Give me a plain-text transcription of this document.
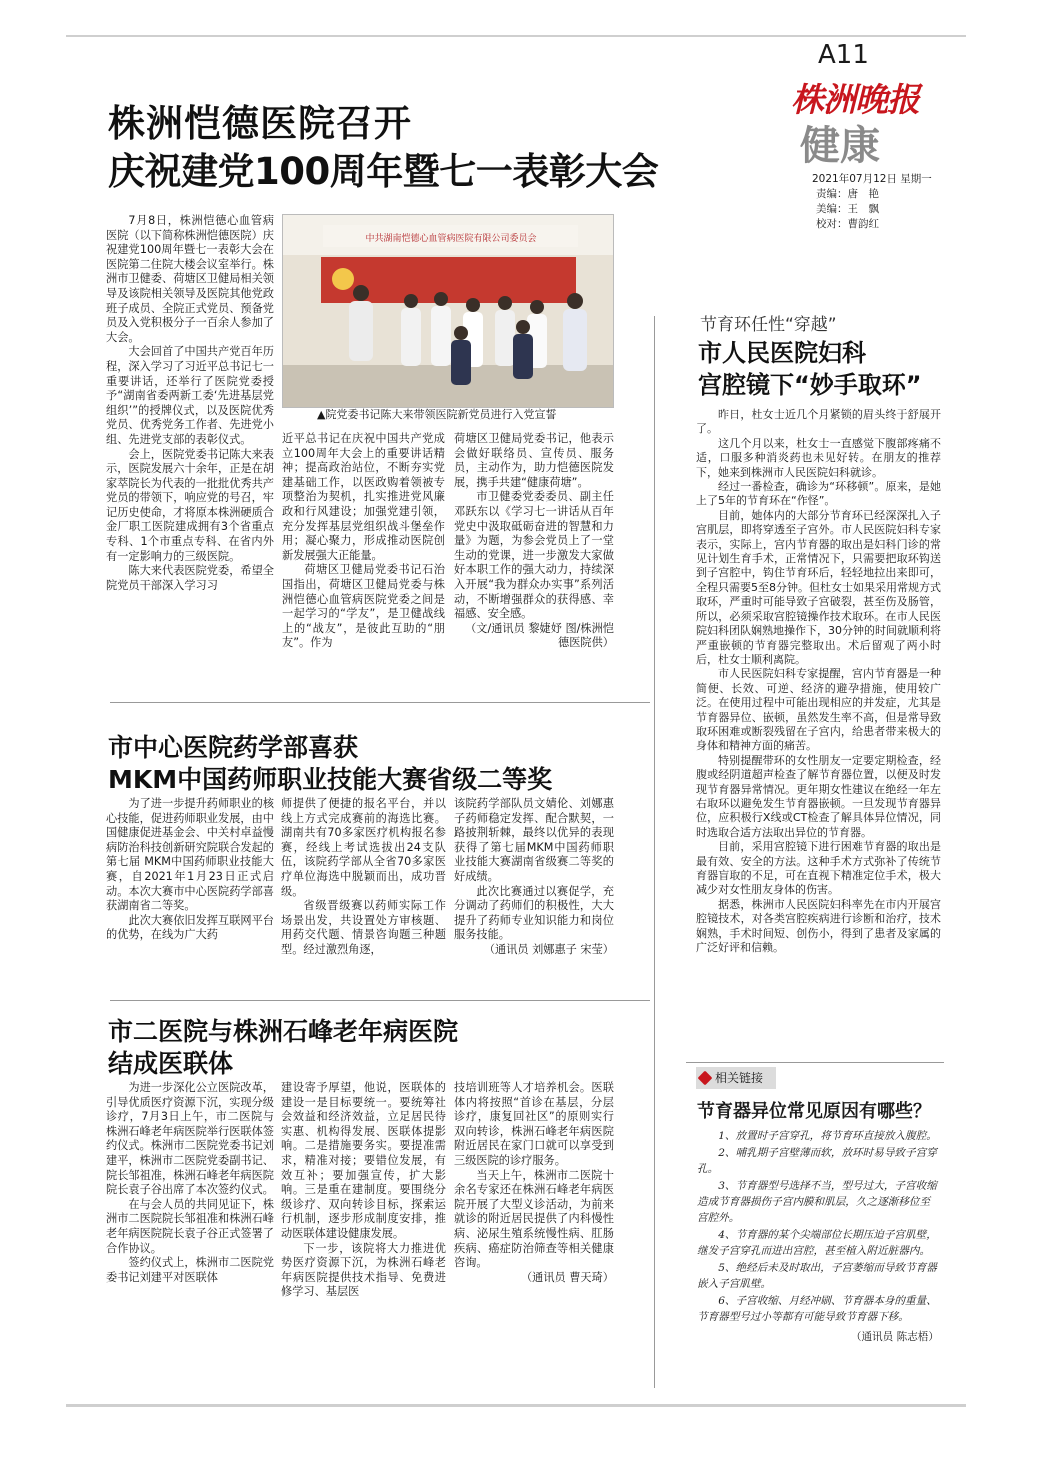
A11
株洲晚报
健康
2021年07月12日 星期一
责编：唐　艳
美编：王　飘
校对：曹韵红
株洲恺德医院召开
庆祝建党100周年暨七一表彰大会

7月8日，株洲恺德心血管病医院（以下简称株洲恺德医院）庆祝建党100周年暨七一表彰大会在医院第二住院大楼会议室举行。株洲市卫健委、荷塘区卫健局相关领导及该院相关领导及医院其他党政班子成员、全院正式党员、预备党员及入党积极分子一百余人参加了大会。

大会回首了中国共产党百年历程，深入学习了习近平总书记七一重要讲话，还举行了医院党委授予“湖南省委两新工委‘先进基层党组织’”的授牌仪式，以及医院优秀党员、优秀党务工作者、先进党小组、先进党支部的表彰仪式。

会上，医院党委书记陈大来表示，医院发展六十余年，正是在胡家萃院长为代表的一批批优秀共产党员的带领下，响应党的号召，牢记历史使命，才将原本株洲硬质合金厂职工医院建成拥有3个省重点专科、1个市重点专科、在省内外有一定影响力的三级医院。

陈大来代表医院党委，希望全院党员干部深入学习习

中共湖南恺德心血管病医院有限公司委员会
▲院党委书记陈大来带领医院新党员进行入党宣誓

近平总书记在庆祝中国共产党成立100周年大会上的重要讲话精神；提高政治站位，不断夯实党建基础工作，以医政购着领被专项整治为契机，扎实推进党风廉政和行风建设；加强党建引领，充分发挥基层党组织战斗堡垒作用；凝心聚力，形成推动医院创新发展强大正能量。

荷塘区卫健局党委书记石治国指出，荷塘区卫健局党委与株洲恺德心血管病医院党委之间是一起学习的“学友”，是卫健战线上的“战友”，是彼此互助的“朋友”。作为

荷塘区卫健局党委书记，他表示会做好联络员、宣传员、服务员，主动作为，助力恺德医院发展，携手共建“健康荷塘”。

市卫健委党委委员、副主任邓跃东以《学习七一讲话从百年党史中汲取砥砺奋进的智慧和力量》为题，为参会党员上了一堂生动的党课，进一步激发大家做好本职工作的强大动力，持续深入开展“我为群众办实事”系列活动，不断增强群众的获得感、幸福感、安全感。

（文/通讯员 黎婕妤 图/株洲恺德医院供）

市中心医院药学部喜获
MKM中国药师职业技能大赛省级二等奖

为了进一步提升药师职业的核心技能，促进药师职业发展，由中国健康促进基金会、中关村卓益慢病防治科技创新研究院联合发起的第七届 MKM中国药师职业技能大赛，自2021年1月23日正式启动。本次大赛市中心医院药学部喜获湖南省二等奖。

此次大赛依旧发挥互联网平台的优势，在线为广大药

师提供了便捷的报名平台，并以线上方式完成赛前的海选比赛。湖南共有70多家医疗机构报名参赛，经线上考试选拔出24支队伍，该院药学部从全省70多家医疗单位海选中脱颖而出，成功晋级。

省级晋级赛以药师实际工作场景出发，共设置处方审核题、用药交代题、情景咨询题三种题型。经过激烈角逐，

该院药学部队员文婧伦、刘娜惠子药师稳定发挥、配合默契，一路披荆斩棘，最终以优异的表现获得了第七届MKM中国药师职业技能大赛湖南省级赛二等奖的好成绩。

此次比赛通过以赛促学，充分调动了药师们的积极性，大大提升了药师专业知识能力和岗位服务技能。

（通讯员 刘娜惠子 宋莹）

市二医院与株洲石峰老年病医院
结成医联体

为进一步深化公立医院改革，引导优质医疗资源下沉，实现分级诊疗，7月3日上午，市二医院与株洲石峰老年病医院举行医联体签约仪式。株洲市二医院党委书记刘建平，株洲市二医院党委副书记、院长邹祖准，株洲石峰老年病医院院长袁子谷出席了本次签约仪式。

在与会人员的共同见证下，株洲市二医院院长邹祖准和株洲石峰老年病医院院长袁子谷正式签署了合作协议。

签约仪式上，株洲市二医院党委书记刘建平对医联体

建设寄予厚望，他说，医联体的建设一是目标要统一。要统筹社会效益和经济效益，立足居民待实惠、机构得发展、医联体提影响。二是措施要务实。要提准需求，精准对接；要错位发展，有效互补；要加强宣传，扩大影响。三是重在建制度。要围绕分级诊疗、双向转诊目标，探索运行机制，逐步形成制度安排，推动医联体建设健康发展。

下一步，该院将大力推进优势医疗资源下沉，为株洲石峰老年病医院提供技术指导、免费进修学习、基层医

技培训班等人才培养机会。医联体内将按照“首诊在基层，分层诊疗，康复回社区”的原则实行双向转诊，株洲石峰老年病医院附近居民在家门口就可以享受到三级医院的诊疗服务。

当天上午，株洲市二医院十余名专家还在株洲石峰老年病医院开展了大型义诊活动，为前来就诊的附近居民提供了内科慢性病、泌尿生殖系统慢性病、肛肠疾病、癌症防治筛查等相关健康咨询。

（通讯员 曹天琦）

节育环任性“穿越”
市人民医院妇科
宫腔镜下“妙手取环”

昨日，杜女士近几个月紧锁的眉头终于舒展开了。

这几个月以来，杜女士一直感觉下腹部疼痛不适，口服多种消炎药也未见好转。在朋友的推荐下，她来到株洲市人民医院妇科就诊。

经过一番检查，确诊为“环移顿”。原来，是她上了5年的节育环在“作怪”。

目前，她体内的大部分节育环已经深深扎入子宫肌层，即将穿透至子宫外。市人民医院妇科专家表示，实际上，宫内节育器的取出是妇科门诊的常见计划生育手术，正常情况下，只需要把取环钩送到子宫腔中，钩住节育环后，轻轻地拉出来即可，全程只需要5至8分钟。但杜女士如果采用常规方式取环，严重时可能导致子宫破裂，甚至伤及肠管，所以，必须采取宫腔镜操作技术取环。在市人民医院妇科团队娴熟地操作下，30分钟的时间就顺利将严重嵌顿的节育器完整取出。术后留观了两小时后，杜女士顺利离院。

市人民医院妇科专家提醒，宫内节育器是一种简便、长效、可逆、经济的避孕措施，使用较广泛。在使用过程中可能出现相应的并发症，尤其是节育器异位、嵌顿，虽然发生率不高，但是常导致取环困难或断裂残留在子宫内，给患者带来极大的身体和精神方面的痛苦。

特别提醒带环的女性朋友一定要定期检查，经腹或经阴道超声检查了解节育器位置，以便及时发现节育器异常情况。更年期女性建议在绝经一年左右取环以避免发生节育器嵌顿。一旦发现节育器异位，应积极行X线或CT检查了解具体异位情况，同时选取合适方法取出异位的节育器。

目前，采用宫腔镜下进行困难节育器的取出是最有效、安全的方法。这种手术方式弥补了传统节育器盲取的不足，可在直视下精准定位手术，极大减少对女性朋友身体的伤害。

据悉，株洲市人民医院妇科率先在市内开展宫腔镜技术，对各类宫腔疾病进行诊断和治疗，技术娴熟，手术时间短、创伤小，得到了患者及家属的广泛好评和信赖。

相关链接
节育器异位常见原因有哪些？

1、放置时子宫穿孔，将节育环直接放入腹腔。

2、哺乳期子宫壁薄而软，放环时易导致子宫穿孔。

3、节育器型号选择不当，型号过大，子宫收缩造成节育器损伤子宫内膜和肌层，久之逐渐移位至宫腔外。

4、节育器的某个尖端部位长期压迫子宫肌壁，继发子宫穿孔而进出宫腔，甚至植入附近脏器内。

5、绝经后未及时取出，子宫萎缩而导致节育器嵌入子宫肌壁。

6、子宫收缩、月经冲刷、节育器本身的重量、节育器型号过小等都有可能导致节育器下移。

（通讯员 陈志梧）
